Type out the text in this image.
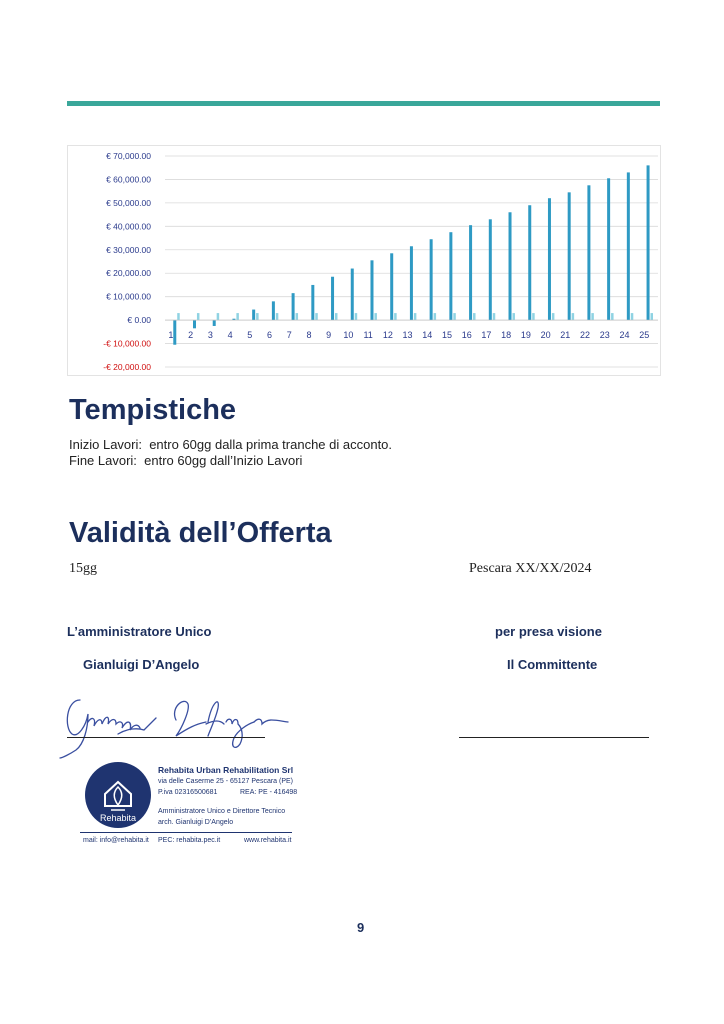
€ 70,000.00
€ 60,000.00
€ 50,000.00
€ 40,000.00
€ 30,000.00
€ 20,000.00
€ 10,000.00
€ 0.00
-€ 10,000.00
-€ 20,000.00
1 2 3 4 5 6 7 8 9 10 11 12 13 14 15 16 17 18 19 20 21 22 23 24 25
Tempistiche
Inizio Lavori:  entro 60gg dalla prima tranche di acconto.
Fine Lavori:  entro 60gg dall’Inizio Lavori
Validità dell’Offerta
15gg	Pescara XX/XX/2024
L’amministratore Unico
Gianluigi D’Angelo
per presa visione
Il Committente
Rehabita
Rehabita Urban Rehabilitation Srl
via delle Caserme 25 - 65127 Pescara (PE)
P.iva 02316500681	REA: PE - 416498
Amministratore Unico e Direttore Tecnico
arch. Gianluigi D’Angelo
mail: info@rehabita.it PEC: rehabita.pec.it	www.rehabita.it
9
